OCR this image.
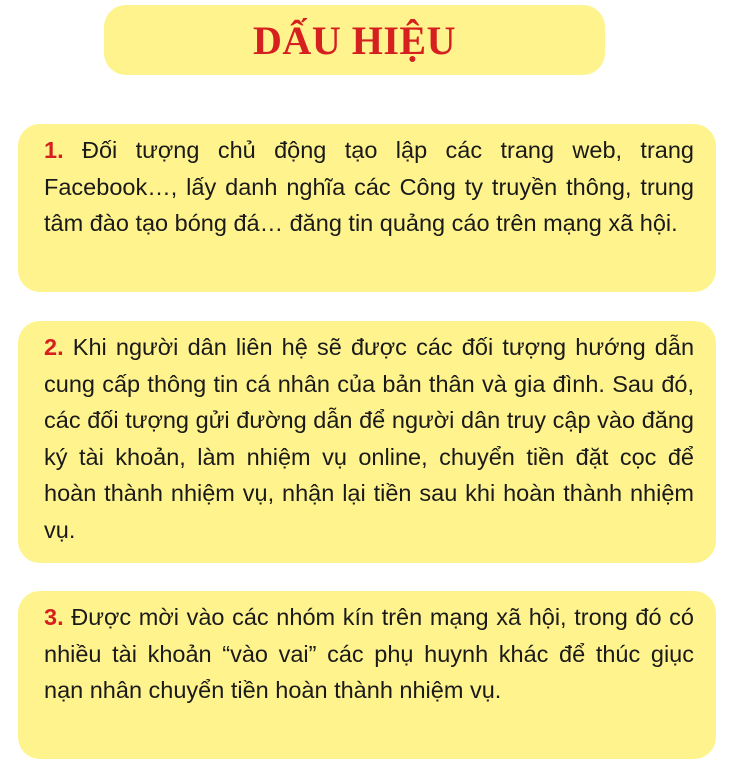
DẤU HIỆU

1. Đối tượng chủ động tạo lập các trang web, trang Facebook…, lấy danh nghĩa các Công ty truyền thông, trung tâm đào tạo bóng đá… đăng tin quảng cáo trên mạng xã hội.

2. Khi người dân liên hệ sẽ được các đối tượng hướng dẫn cung cấp thông tin cá nhân của bản thân và gia đình. Sau đó, các đối tượng gửi đường dẫn để người dân truy cập vào đăng ký tài khoản, làm nhiệm vụ online, chuyển tiền đặt cọc để hoàn thành nhiệm vụ, nhận lại tiền sau khi hoàn thành nhiệm vụ.

3. Được mời vào các nhóm kín trên mạng xã hội, trong đó có nhiều tài khoản “vào vai” các phụ huynh khác để thúc giục nạn nhân chuyển tiền hoàn thành nhiệm vụ.
